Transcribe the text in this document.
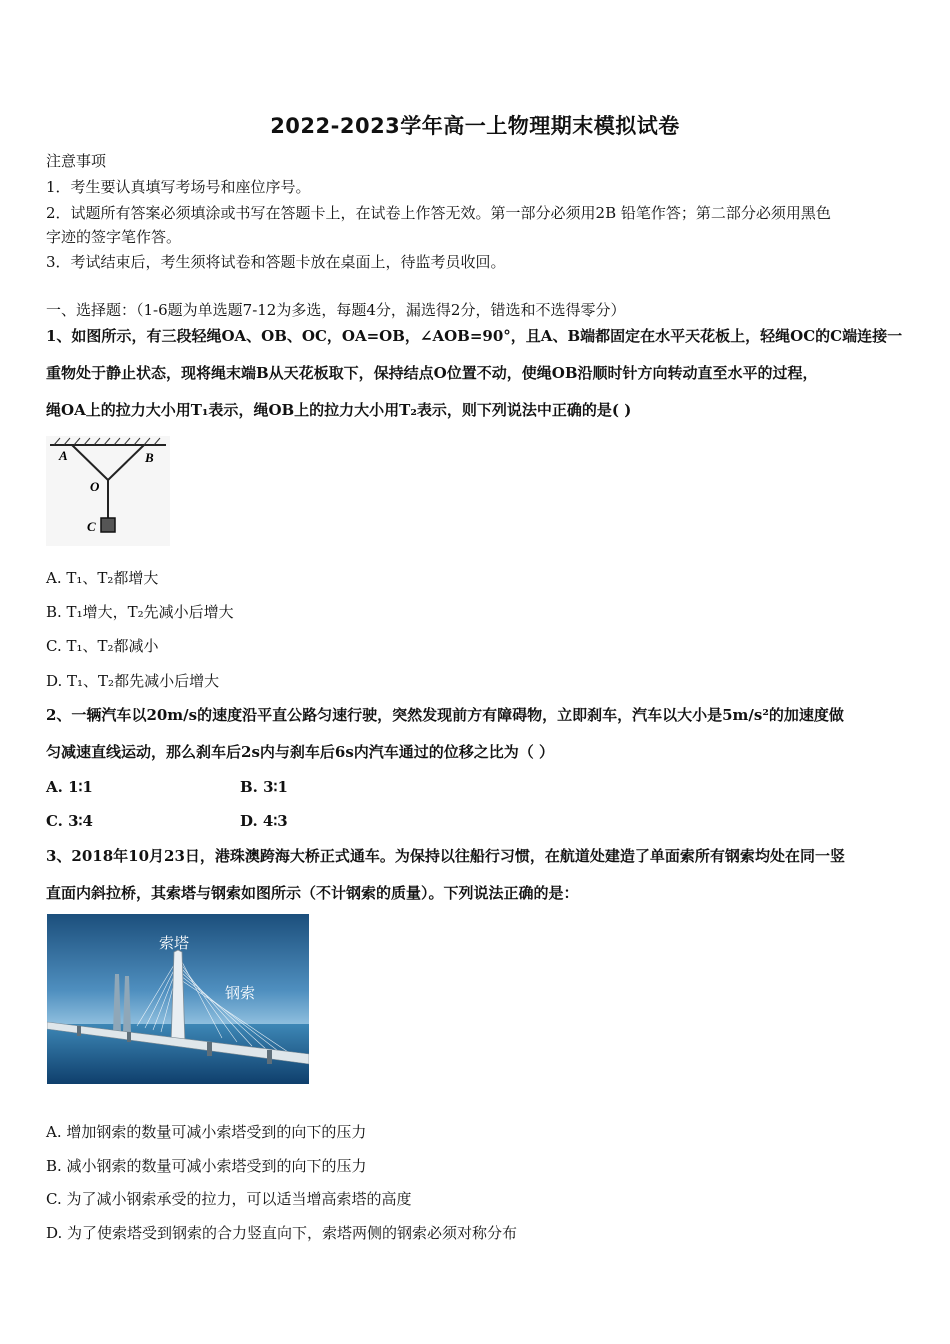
2022-2023学年高一上物理期末模拟试卷
注意事项
1．考生要认真填写考场号和座位序号。
2．试题所有答案必须填涂或书写在答题卡上，在试卷上作答无效。第一部分必须用2B 铅笔作答；第二部分必须用黑色
字迹的签字笔作答。
3．考试结束后，考生须将试卷和答题卡放在桌面上，待监考员收回。
一、选择题：（1-6题为单选题7-12为多选，每题4分，漏选得2分，错选和不选得零分）
1、如图所示，有三段轻绳OA、OB、OC，OA=OB，∠AOB=90°，且A、B端都固定在水平天花板上，轻绳OC的C端连接一
重物处于静止状态，现将绳末端B从天花板取下，保持结点O位置不动，使绳OB沿顺时针方向转动直至水平的过程，
绳OA上的拉力大小用T₁表示，绳OB上的拉力大小用T₂表示，则下列说法中正确的是( )
A	B
O
C
A. T₁、T₂都增大
B. T₁增大，T₂先减小后增大
C. T₁、T₂都减小
D. T₁、T₂都先减小后增大
2、一辆汽车以20m/s的速度沿平直公路匀速行驶，突然发现前方有障碍物，立即刹车，汽车以大小是5m/s²的加速度做
匀减速直线运动，那么刹车后2s内与刹车后6s内汽车通过的位移之比为（ ）
A. 1∶1	B. 3∶1
C. 3∶4	D. 4∶3
3、2018年10月23日，港珠澳跨海大桥正式通车。为保持以往船行习惯，在航道处建造了单面索所有钢索均处在同一竖
直面内斜拉桥，其索塔与钢索如图所示（不计钢索的质量）。下列说法正确的是：
索塔
钢索
A. 增加钢索的数量可减小索塔受到的向下的压力
B. 减小钢索的数量可减小索塔受到的向下的压力
C. 为了减小钢索承受的拉力，可以适当增高索塔的高度
D. 为了使索塔受到钢索的合力竖直向下，索塔两侧的钢索必须对称分布
